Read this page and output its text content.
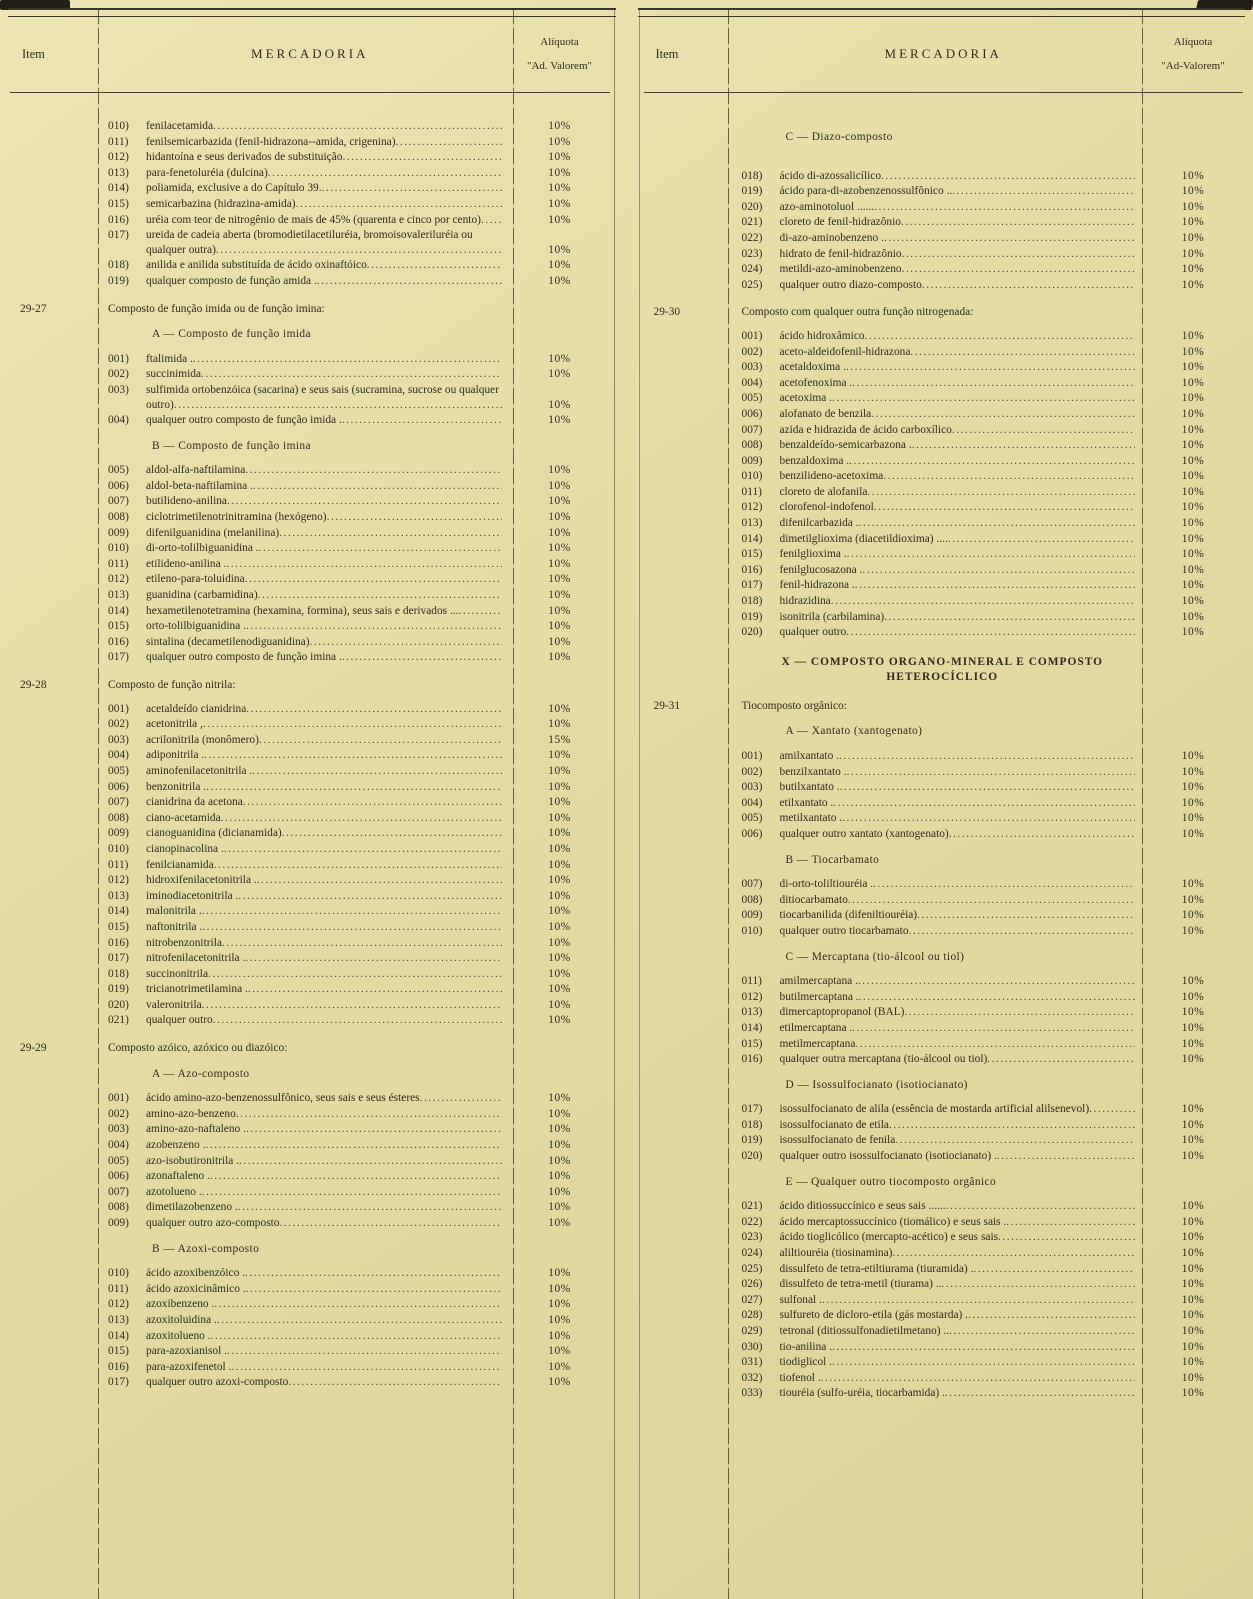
Item	MERCADORIA
Alíquota
"Ad. Valorem"
010)	fenilacetamida .....	10%
011)	fenilsemicarbazida (fenil-hidrazona--amida, crigenina) .....	10%
012)	hidantoína e seus derivados de substituição .....	10%
013)	para-fenetoluréia (dulcina) .....	10%
014)	poliamida, exclusive a do Capítulo 39. .....	10%
015)	semicarbazina (hidrazina-amida) .....	10%
016)	uréia com teor de nitrogênio de mais de 45% (quarenta e cinco por cento) .....	10%
017)	ureida de cadeia aberta (bromodietilacetiluréia, bromoisovaleriluréia ou qualquer outra) .....	10%
018)	anilida e anilida substituída de ácido oxinaftóico .....	10%
019)	qualquer composto de função amida . .....	10%
29-27	Composto de função imida ou de função imina:
A — Composto de função imida
001)	ftalimida . .....	10%
002)	succinimida .....	10%
003)	sulfimida ortobenzóica (sacarina) e seus sais (sucramina, sucrose ou qualquer outro) .....	10%
004)	qualquer outro composto de função imida . .....	10%
B — Composto de função imina
005)	aldol-alfa-naftilamina .....	10%
006)	aldol-beta-naftilamina . .....	10%
007)	butilideno-anilina .....	10%
008)	ciclotrimetilenotrinitramina (hexógeno) .....	10%
009)	difenilguanidina (melanilina) .....	10%
010)	di-orto-tolilbiguanidina . .....	10%
011)	etilideno-anilina . .....	10%
012)	etileno-para-toluidina .....	10%
013)	guanidina (carbamidina) .....	10%
014)	hexametilenotetramina (hexamina, formina), seus sais e derivados ... .....	10%
015)	orto-tolilbiguanidina . .....	10%
016)	sintalina (decametilenodiguanidina) .....	10%
017)	qualquer outro composto de função imina . .....	10%
29-28	Composto de função nitrila:
001)	acetaldeído cianidrina .....	10%
002)	acetonitrila , .....	10%
003)	acrilonitrila (monômero) .....	15%
004)	adiponitrila . .....	10%
005)	aminofenilacetonitrila . .....	10%
006)	benzonitrila . .....	10%
007)	cianidrina da acetona .....	10%
008)	ciano-acetamida .....	10%
009)	cianoguanidina (dicianamida) .....	10%
010)	cianopinacolina . .....	10%
011)	fenilcianamida .....	10%
012)	hidroxifenilacetonitrila . .....	10%
013)	iminodiacetonitrila . .....	10%
014)	malonitrila . .....	10%
015)	naftonitrila . .....	10%
016)	nitrobenzonitrila .....	10%
017)	nitrofenilacetonitrila . .....	10%
018)	succinonitrila .....	10%
019)	tricianotrimetilamina . .....	10%
020)	valeronitrila .....	10%
021)	qualquer outro .....	10%
29-29	Composto azóico, azóxico ou diazóico:
A — Azo-composto
001)	ácido amino-azo-benzenossulfônico, seus sais e seus ésteres .....	10%
002)	amino-azo-benzeno .....	10%
003)	amino-azo-naftaleno . .....	10%
004)	azobenzeno . .....	10%
005)	azo-isobutironitrila . .....	10%
006)	azonaftaleno . .....	10%
007)	azotolueno . .....	10%
008)	dimetilazobenzeno . .....	10%
009)	qualquer outro azo-composto .....	10%
B — Azoxi-composto
010)	ácido azoxibenzóico . .....	10%
011)	ácido azoxicinâmico . .....	10%
012)	azoxibenzeno . .....	10%
013)	azoxitoluidina . .....	10%
014)	azoxitolueno . .....	10%
015)	para-azoxianisol . .....	10%
016)	para-azoxifenetol . .....	10%
017)	qualquer outro azoxi-composto .....	10%
Item	MERCADORIA
Alíquota
"Ad-Valorem"
C — Diazo-composto
018)	ácido di-azossalicílico .....	10%
019)	ácido para-di-azobenzenossulfônico .. .....	10%
020)	azo-aminotoluol ...... .....	10%
021)	cloreto de fenil-hidrazônio .....	10%
022)	di-azo-aminobenzeno . .....	10%
023)	hidrato de fenil-hidrazônio .....	10%
024)	metildi-azo-aminobenzeno .....	10%
025)	qualquer outro diazo-composto .....	10%
29-30	Composto com qualquer outra função nitrogenada:
001)	ácido hidroxâmico .....	10%
002)	aceto-aldeidofenil-hidrazona .....	10%
003)	acetaldoxima . .....	10%
004)	acetofenoxima . .....	10%
005)	acetoxima . .....	10%
006)	alofanato de benzila .....	10%
007)	azida e hidrazida de ácido carboxílico .....	10%
008)	benzaldeído-semicarbazona . .....	10%
009)	benzaldoxima . .....	10%
010)	benzilideno-acetoxima .....	10%
011)	cloreto de alofanila .....	10%
012)	clorofenol-indofenol .....	10%
013)	difenilcarbazida . .....	10%
014)	dimetilglioxima (diacetildioxima) .... .....	10%
015)	fenilglioxima . .....	10%
016)	fenilglucosazona . .....	10%
017)	fenil-hidrazona . .....	10%
018)	hidrazidina .....	10%
019)	isonitrila (carbilamina) .....	10%
020)	qualquer outro .....	10%
X — COMPOSTO ORGANO-MINERAL E COMPOSTO HETEROCÍCLICO
29-31	Tiocomposto orgânico:
A — Xantato (xantogenato)
001)	amilxantato . .....	10%
002)	benzilxantato . .....	10%
003)	butilxantato . .....	10%
004)	etilxantato . .....	10%
005)	metilxantato . .....	10%
006)	qualquer outro xantato (xantogenato) .....	10%
B — Tiocarbamato
007)	di-orto-toliltiouréia . .....	10%
008)	ditiocarbamato .....	10%
009)	tiocarbanilida (difeniltiouréia) .....	10%
010)	qualquer outro tiocarbamato .....	10%
C — Mercaptana (tio-álcool ou tiol)
011)	amilmercaptana . .....	10%
012)	butilmercaptana . .....	10%
013)	dimercaptopropanol (BAL) .....	10%
014)	etilmercaptana . .....	10%
015)	metilmercaptana .....	10%
016)	qualquer outra mercaptana (tio-álcool ou tiol) .....	10%
D — Isossulfocianato (isotiocianato)
017)	isossulfocianato de alila (essência de mostarda artificial alilsenevol) .....	10%
018)	isossulfocianato de etila .....	10%
019)	isossulfocianato de fenila .....	10%
020)	qualquer outro isossulfocianato (isotiocianato) . .....	10%
E — Qualquer outro tiocomposto orgânico
021)	ácido ditiossuccínico e seus sais ...... .....	10%
022)	ácido mercaptossuccínico (tiomálico) e seus sais . .....	10%
023)	ácido tioglicólico (mercapto-acético) e seus sais .....	10%
024)	aliltiouréia (tiosinamina) .....	10%
025)	dissulfeto de tetra-etiltiurama (tiuramida) . .....	10%
026)	dissulfeto de tetra-metil (tiurama) .. .....	10%
027)	sulfonal . .....	10%
028)	sulfureto de dicloro-etila (gás mostarda) . .....	10%
029)	tetronal (ditiossulfonadietilmetano) .. .....	10%
030)	tio-anilina . .....	10%
031)	tiodiglicol . .....	10%
032)	tiofenol . .....	10%
033)	tiouréia (sulfo-uréia, tiocarbamida) . .....	10%
